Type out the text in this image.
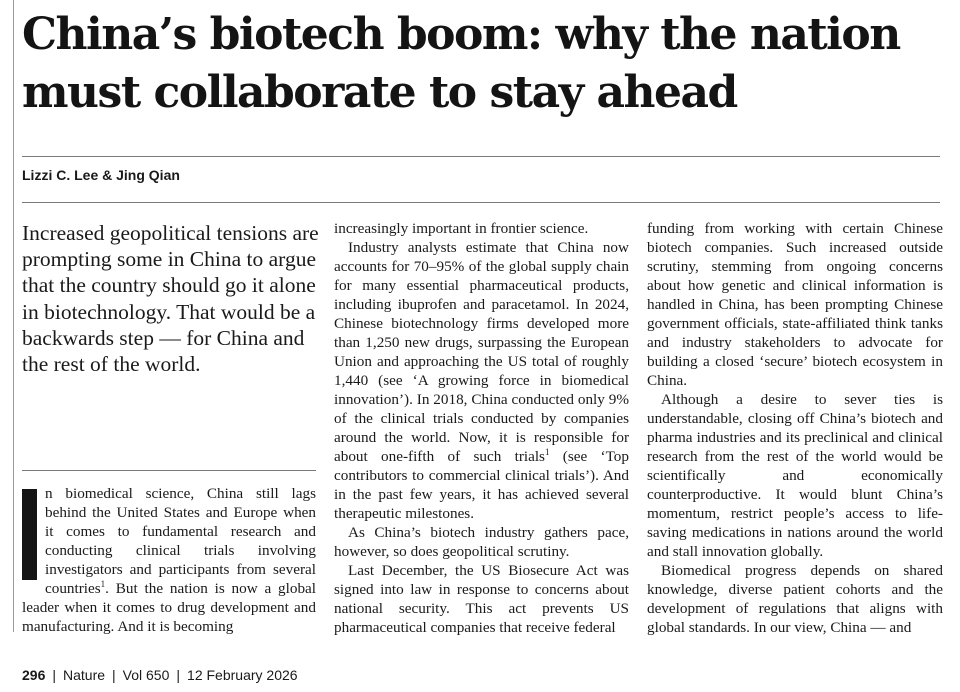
China’s biotech boom: why the nation must collaborate to stay ahead
Lizzi C. Lee & Jing Qian

Increased geopolitical tensions are prompting some in China to argue that the country should go it alone in biotechnology. That would be a backwards step — for China and the rest of the world.

n biomedical science, China still lags behind the United States and Europe when it comes to fundamental research and conducting clinical trials involving investigators and participants from several countries$^1$. But the nation is now a global leader when it comes to drug development and manufacturing. And it is becoming

increasingly important in frontier science.

Industry analysts estimate that China now accounts for 70–95% of the global supply chain for many essential pharmaceutical products, including ibuprofen and paracetamol. In 2024, Chinese biotechnology firms developed more than 1,250 new drugs, surpassing the European Union and approaching the US total of roughly 1,440 (see ‘A growing force in biomedical innovation’). In 2018, China conducted only 9% of the clinical trials conducted by companies around the world. Now, it is responsible for about one-fifth of such trials$^1$ (see ‘Top contributors to commercial clinical trials’). And in the past few years, it has achieved several therapeutic milestones.

As China’s biotech industry gathers pace, however, so does geopolitical scrutiny.

Last December, the US Biosecure Act was signed into law in response to concerns about national security. This act prevents US pharmaceutical companies that receive federal

funding from working with certain Chinese biotech companies. Such increased outside scrutiny, stemming from ongoing concerns about how genetic and clinical information is handled in China, has been prompting Chinese government officials, state-affiliated think tanks and industry stakeholders to advocate for building a closed ‘secure’ biotech ecosystem in China.

Although a desire to sever ties is understandable, closing off China’s biotech and pharma industries and its preclinical and clinical research from the rest of the world would be scientifically and economically counterproductive. It would blunt China’s momentum, restrict people’s access to life-saving medications in nations around the world and stall innovation globally.

Biomedical progress depends on shared knowledge, diverse patient cohorts and the development of regulations that aligns with global standards. In our view, China — and

296 | Nature | Vol 650 | 12 February 2026
